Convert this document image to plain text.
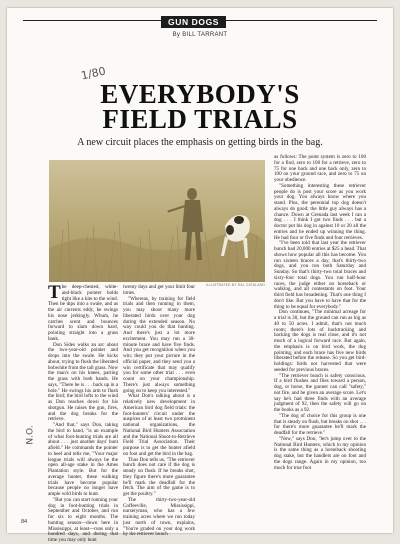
GUN DOGS
By BILL TARRANT
1/80
N.O.
EVERYBODY'S
FIELD TRIALS
A new circuit places the emphasis on getting birds in the bag.
ILLUSTRATED BY SAL CATALANO

The deep-chested, white-and-black pointer holds tight like a kite to the wind. Then he dips into a swale, and as the air currents eddy, he swings his nose jerkingly. Whum, he catches scent and bounces forward to slam down hard, pointing straight into a grass bank.

Don Sides walks an arc about the two-year-old pointer and drops into the swale. He kicks about, trying to flush the liberated bobwhite from the tall grass. Now the man's on his knees, parting the grass with both hands. He says, "There he is . . . back up in a hole." He swings his arm to flush the bird; the bird lofts to the wind as Don reaches down for his shotgun. He raises the gun, fires, and the dog breaks for the retrieve.

"And that," says Don, taking the bird to hand, "is an example of what foot-hunting trials are all about . . . just another days' hunt afield." He commands the pointer to heel and tells me, "Your major league trials will always be the open all-age stake in the Ames Plantation style. But for the average hunter, these walking trials have become popular because people no longer have ample wild birds to hunt.

"But you can start running your dog in foot-hunting trials in September and October, and run for six to eight months. The hunting season—down here in Mississippi, at least—runs only a hundred days, and during that time you may only hunt

twenty days and get your limit four times.

"Whereas, by training for field trials and then running in them, you may shoot many more liberated birds over your dog during the extended season. No way could you do that hunting. And there's just a lot more excitement. You may run a 30-minute brace and have five finds. And you get recognition when you win; they put your picture in the official paper, and they send you a win certificate that may qualify you for some other trial . . . even count on your championship. There's just always something going on to keep you interested."

What Don's talking about is a relatively new development in American bird dog field trials: the foot-hunters' circuit under the auspices of at least two prominent national organizations, the National Bird Hunters Association and the National Shoot-to-Retrieve Field Trial Association. Their purpose is to get the hunter afield on foot and get the bird in the bag.

Thus Don tells us, "The retriever bunch does not care if the dog is steady on flush. If he breaks shot, they figure there's more guarantee he'll mark the deadfall for the fetch. The aim of the game is to get the poultry."

The thirty-two-year-old Coffeeville, Mississippi, nurseryman, who has a few training acres where we run today just north of town, explains, "You're graded on your dog work by the retriever bunch

as follows: The point system is zero to 100 for a find, zero to 100 for a retrieve, zero to 75 for one back and one back only, zero to 100 on your ground race, and zero to 75 on your obedience.

"Something interesting these retriever people do is post your score as you work your dog. You always know where you stand. Plus, the perennial top dog doesn't always do good; the little guy always has a chance. Down at Grenada last week I ran a dog . . . I think I got two finds . . . but a doctor put his dog in against 10 or 20 all the entries and he ended up winning the thing. He had four or five finds and four retrieves.

"I've been told that last year the retriever bunch had 20,000 entries at $25 a head. That shows how popular all this has become. You run sixteen braces a day, that's thirty-two dogs, and you run both Saturday and Sunday. So that's thirty-two total braces and sixty-four total dogs. You run half-hour races, the judge either on horseback or walking, and all contestants on foot. Your third field has broadening. That's one thing I don't like. But you have to have that for the thing to be equal for everybody."

Don continues, "The minimal acreage for a trial is 30, but the ground can run as big as 40 to 50 acres. I admit, that's not much room; there's lots of backtracking and backing the dogs is real close, and it's not much of a logical forward race. But again, the emphasis is on bird work, the dog pointing, and each brace has five new birds liberated before the release. So you get bird-holdings: birds not harvested that were seeded for previous braces.

"The retriever bunch is safety conscious. If a bird flushes and flies toward a person, dog, or horse, the gunner can call "safety," not fire, and be given an average score. Let's say he's had three finds with an average judgment of 92, then the safety will go on the books as a 92.

"The dog of choice for this group is one that is steady on flush, but breaks on shot . . . for there's more guarantee he'll mark the deadfall for the retrieve."

"Now," says Don, "let's jump over to the National Bird Hunters, which in my opinion is the same thing as a horseback shooting dog stake, but the handlers are on foot and the dogs range. Again in my opinion, too much for true foot

84
